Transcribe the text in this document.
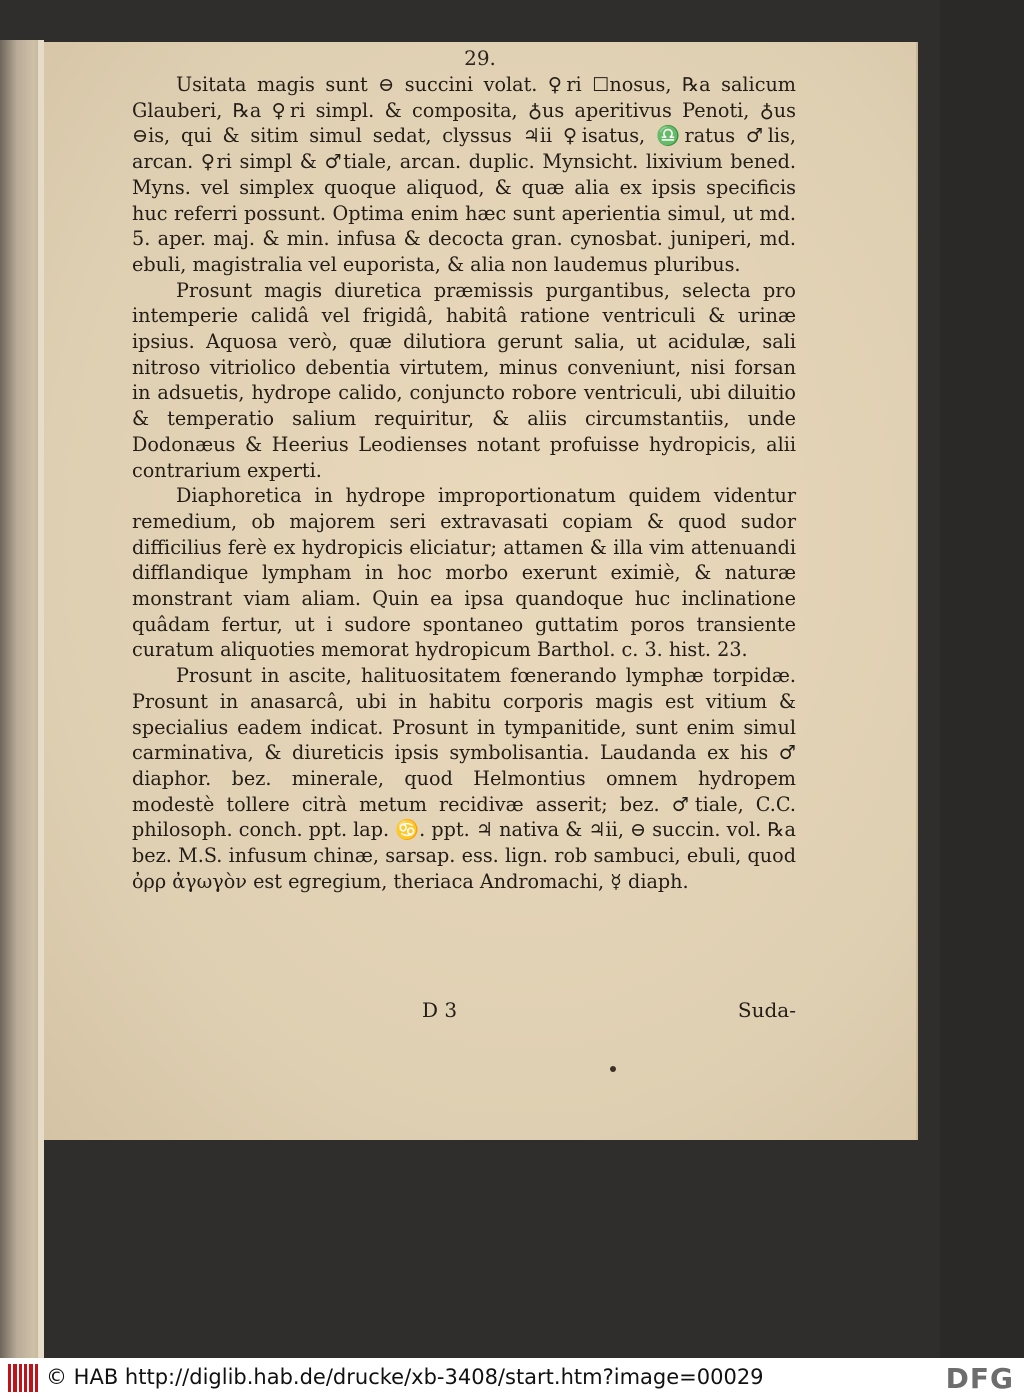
29.

Usitata magis sunt ⊖ succini volat. ♀ri ☐nosus, ℞a salicum Glauberi, ℞a ♀ri simpl. & composita, ♁us aperitivus Penoti, ♁us ⊖is, qui & sitim simul sedat, clyssus ♃ii ♀isatus, ♎ratus ♂lis, arcan. ♀ri simpl & ♂tiale, arcan. duplic. Mynsicht. lixivium bened. Myns. vel simplex quoque aliquod, & quæ alia ex ipsis specificis huc referri possunt. Optima enim hæc sunt aperientia simul, ut md. 5. aper. maj. & min. infusa & decocta gran. cynosbat. juniperi, md. ebuli, magistralia vel euporista, & alia non laudemus pluribus.

Prosunt magis diuretica præmissis purgantibus, selecta pro intemperie calidâ vel frigidâ, habitâ ratione ventriculi & urinæ ipsius. Aquosa verò, quæ dilutiora gerunt salia, ut acidulæ, sali nitroso vitriolico debentia virtutem, minus conveniunt, nisi forsan in adsuetis, hydrope calido, conjuncto robore ventriculi, ubi diluitio & temperatio salium requiritur, & aliis circumstantiis, unde Dodonæus & Heerius Leodienses notant profuisse hydropicis, alii contrarium experti.

Diaphoretica in hydrope improportionatum quidem videntur remedium, ob majorem seri extravasati copiam & quod sudor difficilius ferè ex hydropicis eliciatur; attamen & illa vim attenuandi difflandique lympham in hoc morbo exerunt eximiè, & naturæ monstrant viam aliam. Quin ea ipsa quandoque huc inclinatione quâdam fertur, ut i sudore spontaneo guttatim poros transiente curatum aliquoties memorat hydropicum Barthol. c. 3. hist. 23.

Prosunt in ascite, halituositatem fœnerando lymphæ torpidæ. Prosunt in anasarcâ, ubi in habitu corporis magis est vitium & specialius eadem indicat. Prosunt in tympanitide, sunt enim simul carminativa, & diureticis ipsis symbolisantia. Laudanda ex his ♂ diaphor. bez. minerale, quod Helmontius omnem hydropem modestè tollere citrà metum recidivæ asserit; bez. ♂tiale, C.C. philosoph. conch. ppt. lap. ♋. ppt. ♃ nativa & ♃ii, ⊖ succin. vol. ℞a bez. M.S. infusum chinæ, sarsap. ess. lign. rob sambuci, ebuli, quod ὀρρ ἀγωγὸν est egregium, theriaca Andromachi, ☿ diaph.

D 3	Suda-
© HAB http://diglib.hab.de/drucke/xb-3408/start.htm?image=00029	DFG
